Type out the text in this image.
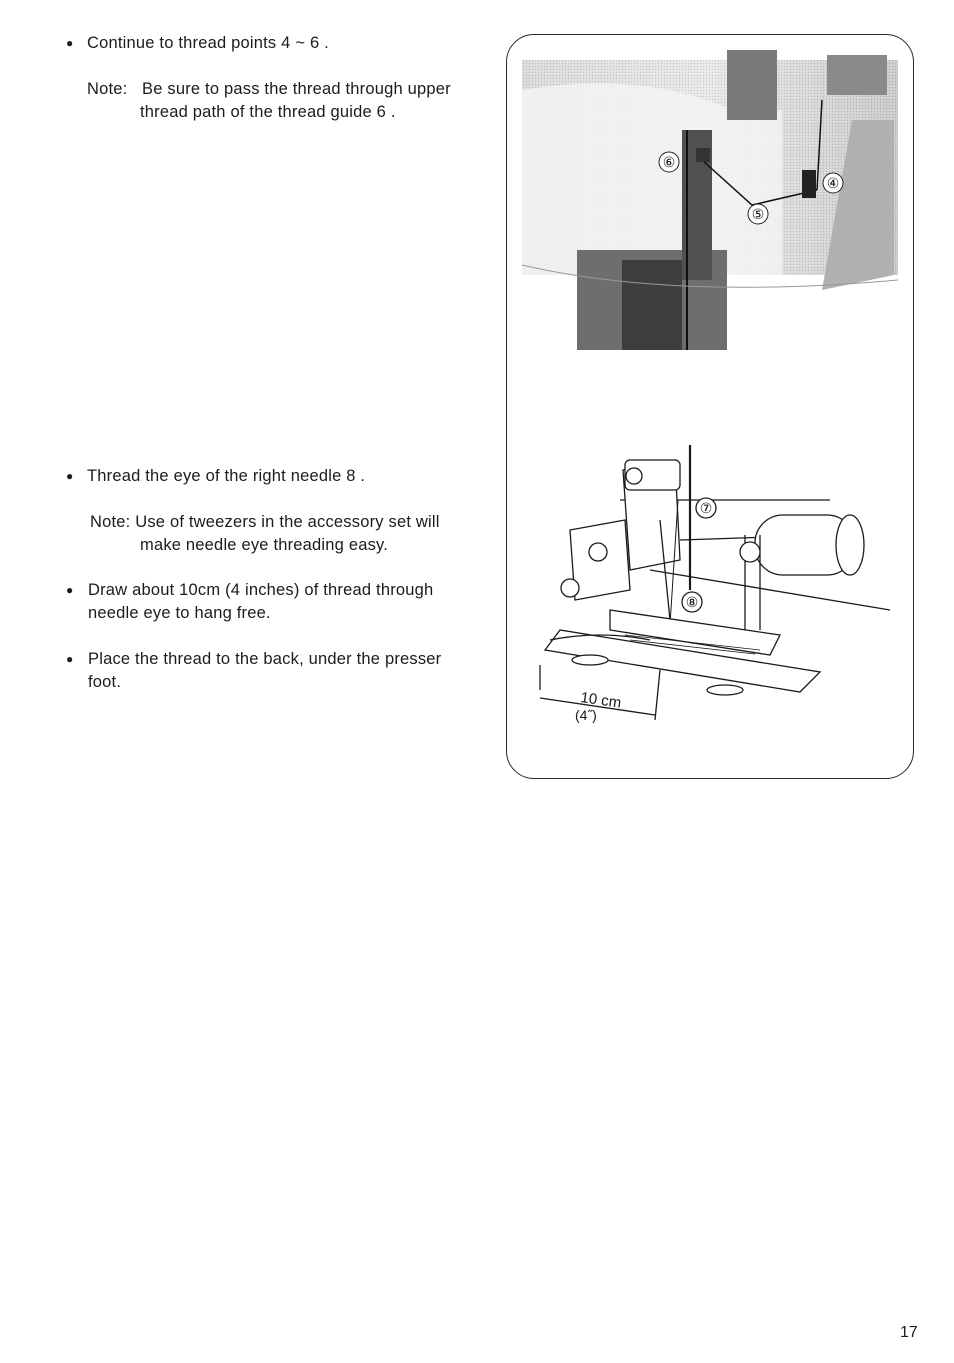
● Continue to thread points 4 ~ 6 .
Note: Be sure to pass the thread through upper
thread path of the thread guide 6 .
● Thread the eye of the right needle 8 .
Note: Use of tweezers in the accessory set will
make needle eye threading easy.
● Draw about 10cm (4 inches) of thread through
needle eye to hang free.
● Place the thread to the back, under the presser
foot.
⑥
④
⑤
10 cm
(4˝)
⑦
⑧
17
